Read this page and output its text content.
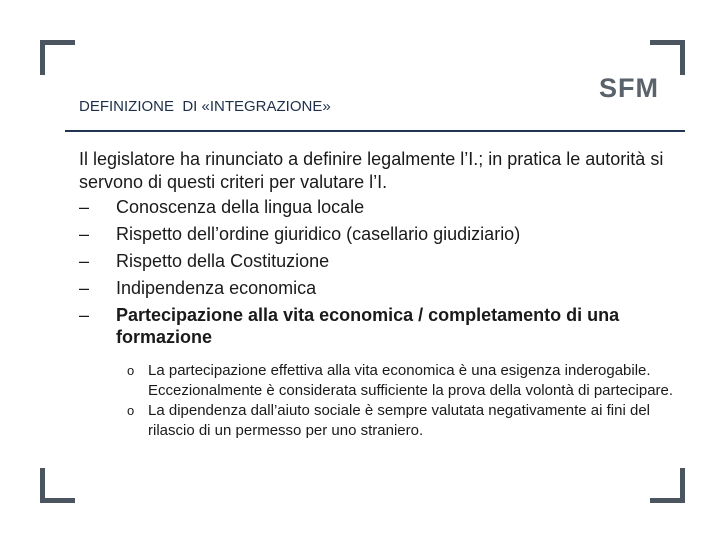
SFM
DEFINIZIONE  DI «INTEGRAZIONE»
Il legislatore ha rinunciato a definire legalmente l’I.; in pratica le autorità si servono di questi criteri per valutare l’I.
– Conoscenza della lingua locale
– Rispetto dell’ordine giuridico (casellario giudiziario)
– Rispetto della Costituzione
– Indipendenza economica
– Partecipazione alla vita economica / completamento di una formazione
o La partecipazione effettiva alla vita economica è una esigenza inderogabile. Eccezionalmente è considerata sufficiente la prova della volontà di partecipare.
o La dipendenza dall’aiuto sociale è sempre valutata negativamente ai fini del rilascio di un permesso per uno straniero.
